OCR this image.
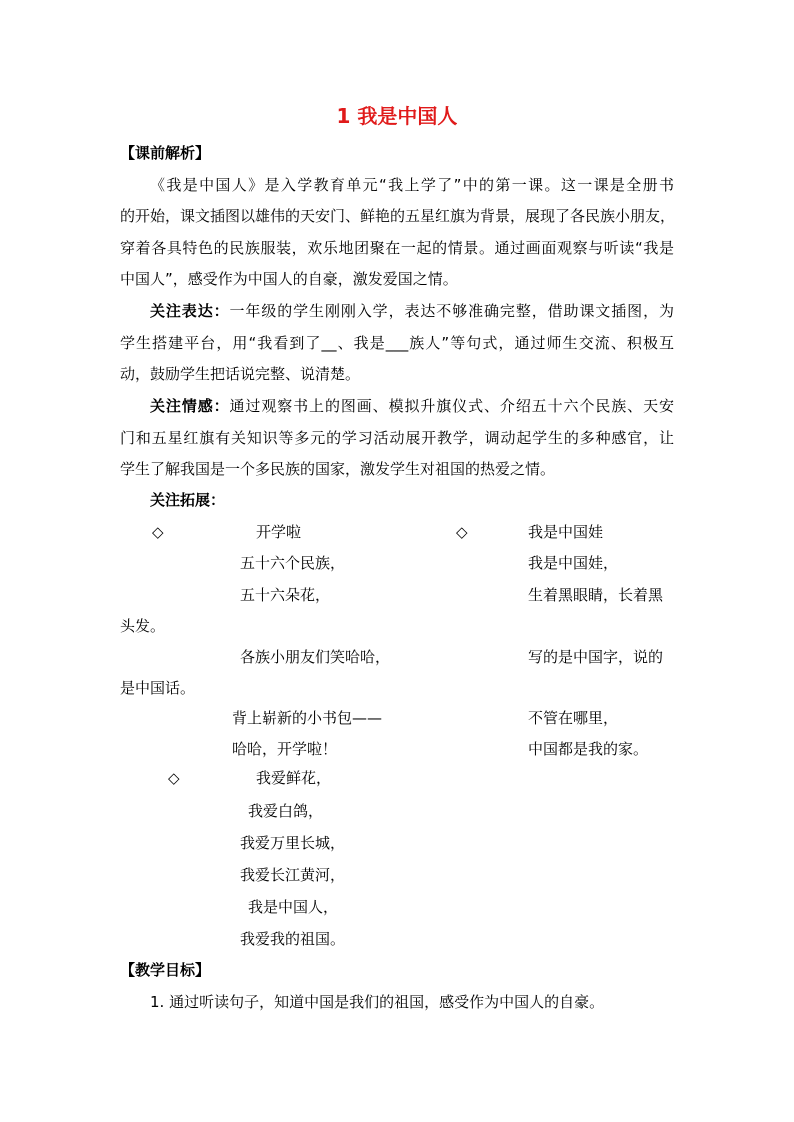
1 我是中国人
【课前解析】
《我是中国人》是入学教育单元“我上学了”中的第一课。这一课是全册书
的开始，课文插图以雄伟的天安门、鲜艳的五星红旗为背景，展现了各民族小朋友，
穿着各具特色的民族服装，欢乐地团聚在一起的情景。通过画面观察与听读“我是
中国人”，感受作为中国人的自豪，激发爱国之情。
关注表达：一年级的学生刚刚入学，表达不够准确完整，借助课文插图，为
学生搭建平台，用“我看到了__、我是___族人”等句式，通过师生交流、积极互
动，鼓励学生把话说完整、说清楚。
关注情感：通过观察书上的图画、模拟升旗仪式、介绍五十六个民族、天安
门和五星红旗有关知识等多元的学习活动展开教学，调动起学生的多种感官，让
学生了解我国是一个多民族的国家，激发学生对祖国的热爱之情。
关注拓展：
◇	开学啦	◇	我是中国娃
五十六个民族，	我是中国娃，
五十六朵花，	生着黑眼睛，长着黑
头发。
各族小朋友们笑哈哈，	写的是中国字，说的
是中国话。
背上崭新的小书包——	不管在哪里，
哈哈，开学啦！	中国都是我的家。
◇	我爱鲜花，
我爱白鸽，
我爱万里长城，
我爱长江黄河，
我是中国人，
我爱我的祖国。
【教学目标】
1. 通过听读句子，知道中国是我们的祖国，感受作为中国人的自豪。
